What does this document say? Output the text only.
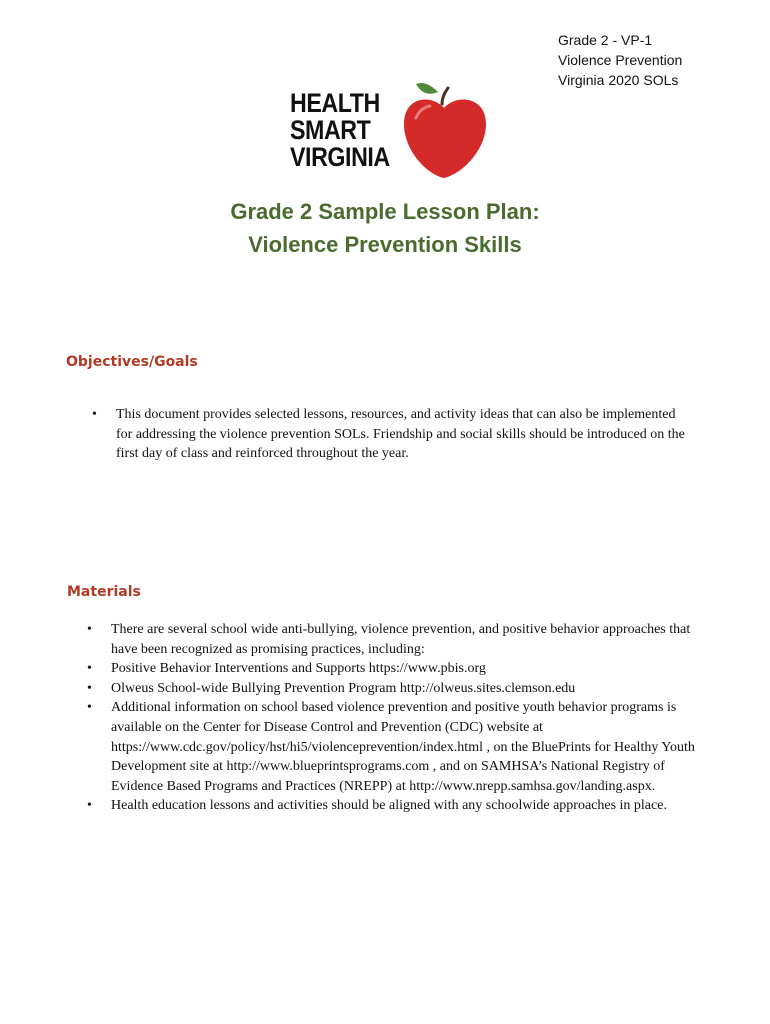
Grade 2 - VP-1
Violence Prevention
Virginia 2020 SOLs
HEALTH
SMART
VIRGINIA
Grade 2 Sample Lesson Plan:
Violence Prevention Skills
Objectives/Goals
• This document provides selected lessons, resources, and activity ideas that can also be implemented for addressing the violence prevention SOLs. Friendship and social skills should be introduced on the first day of class and reinforced throughout the year.
Materials
• There are several school wide anti-bullying, violence prevention, and positive behavior approaches that have been recognized as promising practices, including:
• Positive Behavior Interventions and Supports https://www.pbis.org
• Olweus School-wide Bullying Prevention Program http://olweus.sites.clemson.edu
• Additional information on school based violence prevention and positive youth behavior programs is available on the Center for Disease Control and Prevention (CDC) website at https://www.cdc.gov/policy/hst/hi5/violenceprevention/index.html , on the BluePrints for Healthy Youth Development site at http://www.blueprintsprograms.com , and on SAMHSA’s National Registry of Evidence Based Programs and Practices (NREPP) at http://www.nrepp.samhsa.gov/landing.aspx.
• Health education lessons and activities should be aligned with any schoolwide approaches in place.
